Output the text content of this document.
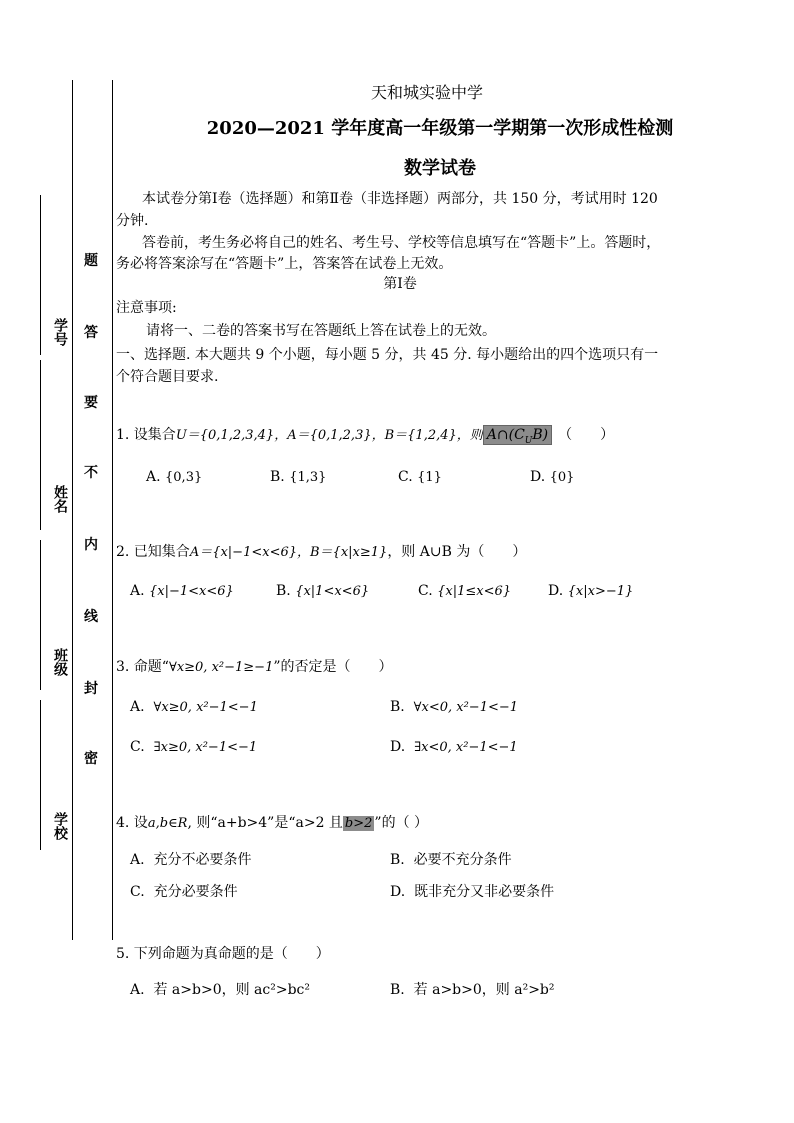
学号
姓名
班级
学校
题
答
要
不
内
线
封
密
天和城实验中学
2020—2021 学年度高一年级第一学期第一次形成性检测
数学试卷
本试卷分第Ⅰ卷（选择题）和第Ⅱ卷（非选择题）两部分，共 150 分，考试用时 120
分钟.
答卷前，考生务必将自己的姓名、考生号、学校等信息填写在“答题卡”上。答题时，
务必将答案涂写在“答题卡”上，答案答在试卷上无效。
第Ⅰ卷
注意事项:
请将一、二卷的答案书写在答题纸上答在试卷上的无效。
一、选择题. 本大题共 9 个小题，每小题 5 分，共 45 分. 每小题给出的四个选项只有一
个符合题目要求.
1. 设集合U＝{0,1,2,3,4}，A＝{0,1,2,3}，B＝{1,2,4}，则 $A\cap(C_UB)$ （　　）
A. {0,3}	B. {1,3}	C. {1}	D. {0}
2. 已知集合A＝{x|−1<x<6}，B＝{x|x≥1}，则 A∪B 为（　　）
A. {x|−1<x<6}	B. {x|1<x<6}	C. {x|1≤x<6}	D. {x|x>−1}
3. 命题“∀x≥0, x²−1≥−1”的否定是（　　）
A. ∀x≥0, x²−1<−1	B. ∀x<0, x²−1<−1
C. ∃x≥0, x²−1<−1	D. ∃x<0, x²−1<−1
4. 设a,b∈R, 则“a+b>4”是“a>2 且 b>2 ”的（ ）
A. 充分不必要条件	B. 必要不充分条件
C. 充分必要条件	D. 既非充分又非必要条件
5. 下列命题为真命题的是（　　）
A. 若 a>b>0，则 ac²>bc²	B. 若 a>b>0，则 a²>b²
